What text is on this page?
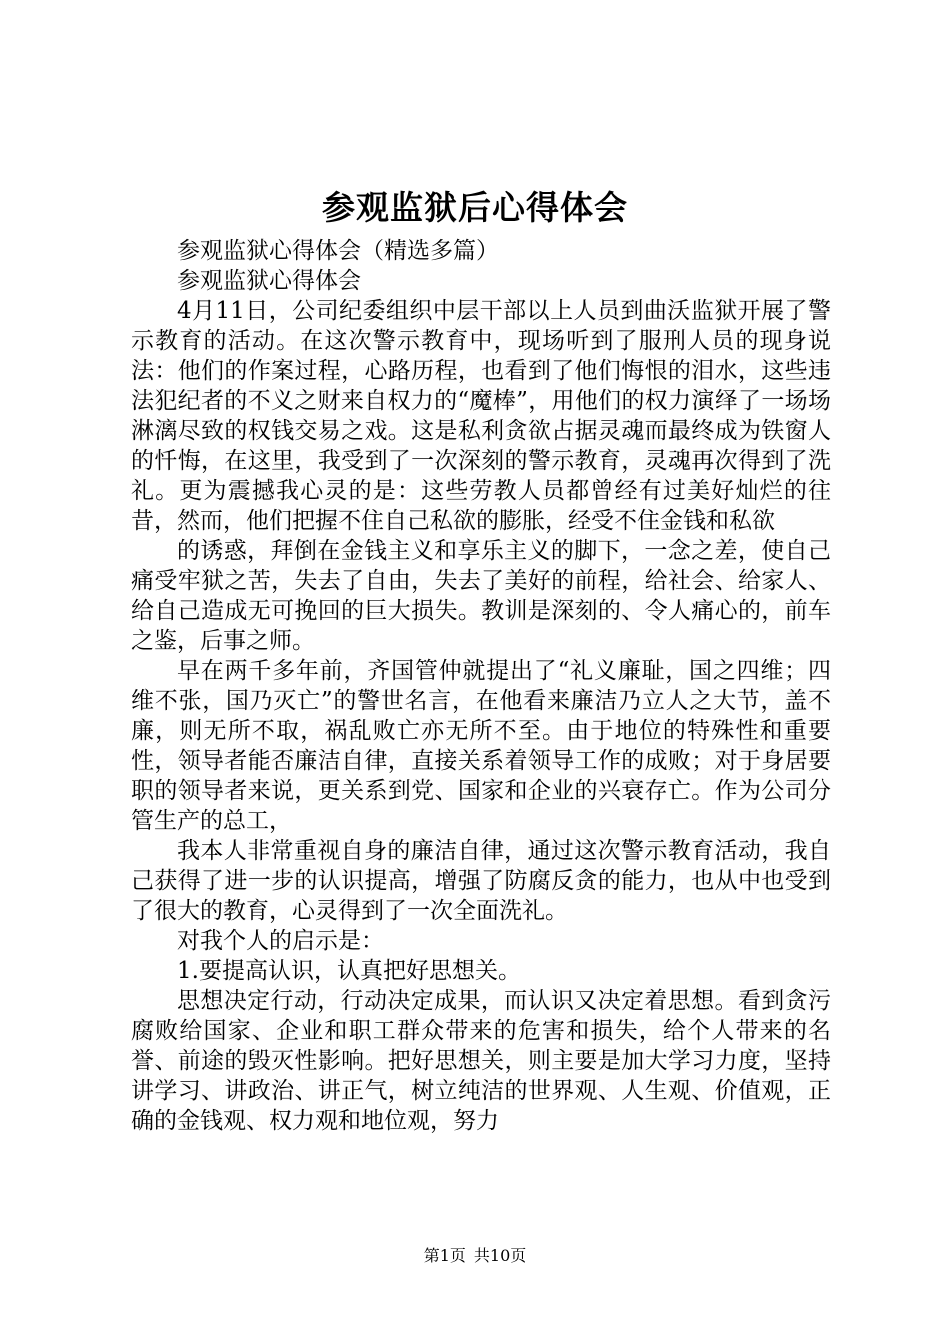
参观监狱后心得体会

参观监狱心得体会（精选多篇）

参观监狱心得体会

4月11日，公司纪委组织中层干部以上人员到曲沃监狱开展了警示教育的活动。在这次警示教育中，现场听到了服刑人员的现身说法：他们的作案过程，心路历程，也看到了他们悔恨的泪水，这些违法犯纪者的不义之财来自权力的“魔棒”，用他们的权力演绎了一场场淋漓尽致的权钱交易之戏。这是私利贪欲占据灵魂而最终成为铁窗人的忏悔，在这里，我受到了一次深刻的警示教育，灵魂再次得到了洗礼。更为震撼我心灵的是：这些劳教人员都曾经有过美好灿烂的往昔，然而，他们把握不住自己私欲的膨胀，经受不住金钱和私欲

的诱惑，拜倒在金钱主义和享乐主义的脚下，一念之差，使自己痛受牢狱之苦，失去了自由，失去了美好的前程，给社会、给家人、给自己造成无可挽回的巨大损失。教训是深刻的、令人痛心的，前车之鉴，后事之师。

早在两千多年前，齐国管仲就提出了“礼义廉耻，国之四维；四维不张，国乃灭亡”的警世名言，在他看来廉洁乃立人之大节，盖不廉，则无所不取，祸乱败亡亦无所不至。由于地位的特殊性和重要性，领导者能否廉洁自律，直接关系着领导工作的成败；对于身居要职的领导者来说，更关系到党、国家和企业的兴衰存亡。作为公司分管生产的总工，

我本人非常重视自身的廉洁自律，通过这次警示教育活动，我自己获得了进一步的认识提高，增强了防腐反贪的能力，也从中也受到了很大的教育，心灵得到了一次全面洗礼。

对我个人的启示是：

1.要提高认识，认真把好思想关。

思想决定行动，行动决定成果，而认识又决定着思想。看到贪污腐败给国家、企业和职工群众带来的危害和损失，给个人带来的名誉、前途的毁灭性影响。把好思想关，则主要是加大学习力度，坚持讲学习、讲政治、讲正气，树立纯洁的世界观、人生观、价值观，正确的金钱观、权力观和地位观，努力

第1页 共10页
